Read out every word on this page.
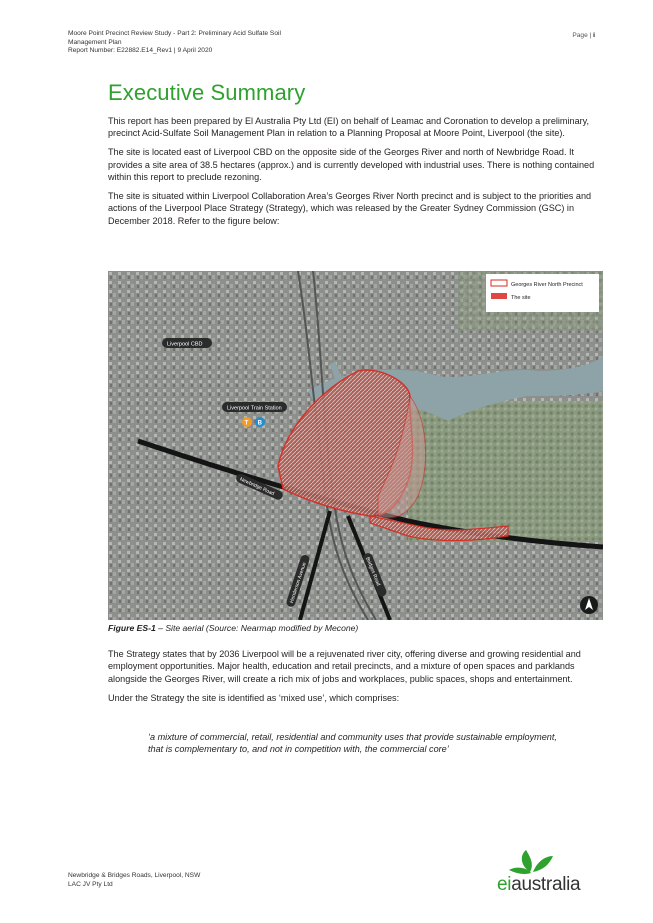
Moore Point Precinct Review Study - Part 2: Preliminary Acid Sulfate Soil
Management Plan
Report Number: E22882.E14_Rev1 | 9 April 2020
Page | i
Executive Summary

This report has been prepared by El Australia Pty Ltd (EI) on behalf of Leamac and Coronation to develop a preliminary, precinct Acid-Sulfate Soil Management Plan in relation to a Planning Proposal at Moore Point, Liverpool (the site).

The site is located east of Liverpool CBD on the opposite side of the Georges River and north of Newbridge Road. It provides a site area of 38.5 hectares (approx.) and is currently developed with industrial uses. There is nothing contained within this report to preclude rezoning.

The site is situated within Liverpool Collaboration Area’s Georges River North precinct and is subject to the priorities and actions of the Liverpool Place Strategy (Strategy), which was released by the Greater Sydney Commission (GSC) in December 2018. Refer to the figure below:

Georges River North Precinct
The site
Liverpool CBD
Liverpool Train Station
T B
Newbridge Road
Henderson Avenue	Bridges Road
Figure ES-1 – Site aerial (Source: Nearmap modified by Mecone)

The Strategy states that by 2036 Liverpool will be a rejuvenated river city, offering diverse and growing residential and employment opportunities. Major health, education and retail precincts, and a mixture of open spaces and parklands alongside the Georges River, will create a rich mix of jobs and workplaces, public spaces, shops and entertainment.

Under the Strategy the site is identified as ‘mixed use’, which comprises:

‘a mixture of commercial, retail, residential and community uses that provide sustainable employment, that is complementary to, and not in competition with, the commercial core’
Newbridge & Bridges Roads, Liverpool, NSW
LAC JV Pty Ltd	eiaustralia
